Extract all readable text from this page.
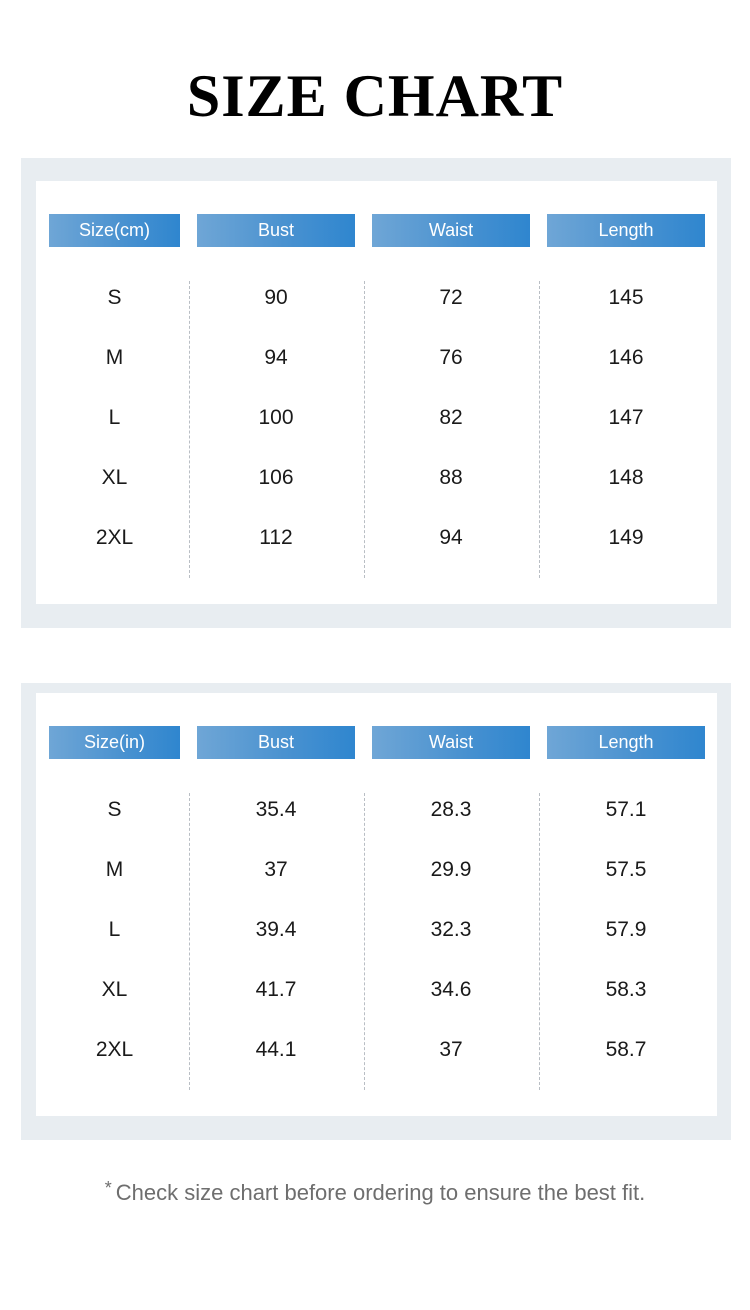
SIZE CHART
Size(cm)	Bust	Waist	Length
S	90	72	145
M	94	76	146
L	100	82	147
XL	106	88	148
2XL	112	94	149
Size(in)	Bust	Waist	Length
S	35.4	28.3	57.1
M	37	29.9	57.5
L	39.4	32.3	57.9
XL	41.7	34.6	58.3
2XL	44.1	37	58.7
* Check size chart before ordering to ensure the best fit.
